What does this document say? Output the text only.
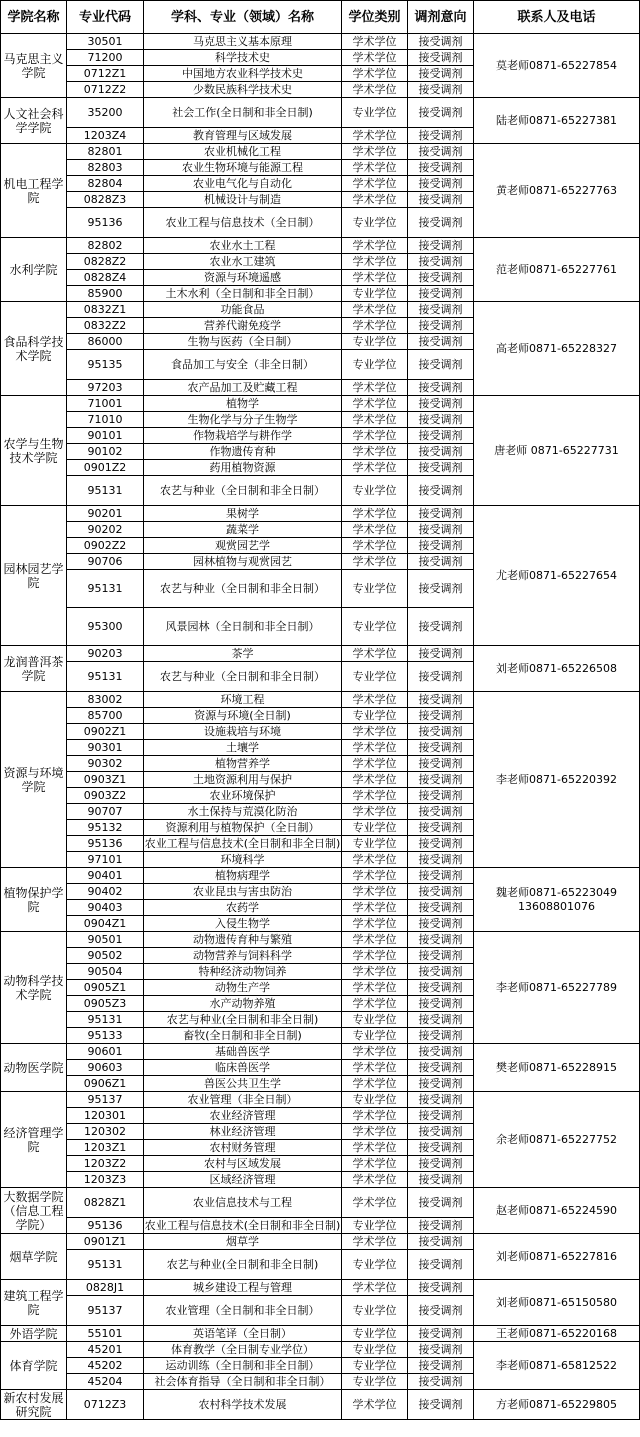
学院名称	专业代码	学科、专业（领域）名称	学位类别	调剂意向	联系人及电话
马克思主义学院	30501	马克思主义基本原理	学术学位	接受调剂	莫老师0871-65227854
	71200	科学技术史	学术学位	接受调剂	
	0712Z1	中国地方农业科学技术史	学术学位	接受调剂	
	0712Z2	少数民族科学技术史	学术学位	接受调剂	
人文社会科学学院	35200	社会工作(全日制和非全日制)	专业学位	接受调剂	陆老师0871-65227381
	1203Z4	教育管理与区域发展	学术学位	接受调剂	
机电工程学院	82801	农业机械化工程	学术学位	接受调剂	黄老师0871-65227763
	82803	农业生物环境与能源工程	学术学位	接受调剂	
	82804	农业电气化与自动化	学术学位	接受调剂	
	0828Z3	机械设计与制造	学术学位	接受调剂	
	95136	农业工程与信息技术（全日制）	专业学位	接受调剂	
水利学院	82802	农业水土工程	学术学位	接受调剂	范老师0871-65227761
	0828Z2	农业水工建筑	学术学位	接受调剂	
	0828Z4	资源与环境遥感	学术学位	接受调剂	
	85900	土木水利（全日制和非全日制）	专业学位	接受调剂	
食品科学技术学院	0832Z1	功能食品	学术学位	接受调剂	高老师0871-65228327
	0832Z2	营养代谢免疫学	学术学位	接受调剂	
	86000	生物与医药（全日制）	专业学位	接受调剂	
	95135	食品加工与安全（非全日制）	专业学位	接受调剂	
	97203	农产品加工及贮藏工程	学术学位	接受调剂	
农学与生物技术学院	71001	植物学	学术学位	接受调剂	唐老师 0871-65227731
	71010	生物化学与分子生物学	学术学位	接受调剂	
	90101	作物栽培学与耕作学	学术学位	接受调剂	
	90102	作物遗传育种	学术学位	接受调剂	
	0901Z2	药用植物资源	学术学位	接受调剂	
	95131	农艺与种业（全日制和非全日制）	专业学位	接受调剂	
园林园艺学院	90201	果树学	学术学位	接受调剂	尤老师0871-65227654
	90202	蔬菜学	学术学位	接受调剂	
	0902Z2	观赏园艺学	学术学位	接受调剂	
	90706	园林植物与观赏园艺	学术学位	接受调剂	
	95131	农艺与种业（全日制和非全日制）	专业学位	接受调剂	
	95300	风景园林（全日制和非全日制）	专业学位	接受调剂	
龙润普洱茶学院	90203	茶学	学术学位	接受调剂	刘老师0871-65226508
	95131	农艺与种业（全日制和非全日制）	专业学位	接受调剂	
资源与环境学院	83002	环境工程	学术学位	接受调剂	李老师0871-65220392
	85700	资源与环境(全日制)	专业学位	接受调剂	
	0902Z1	设施栽培与环境	学术学位	接受调剂	
	90301	土壤学	学术学位	接受调剂	
	90302	植物营养学	学术学位	接受调剂	
	0903Z1	土地资源利用与保护	学术学位	接受调剂	
	0903Z2	农业环境保护	学术学位	接受调剂	
	90707	水土保持与荒漠化防治	学术学位	接受调剂	
	95132	资源利用与植物保护（全日制）	专业学位	接受调剂	
	95136	农业工程与信息技术(全日制和非全日制)	专业学位	接受调剂	
	97101	环境科学	学术学位	接受调剂	
植物保护学院	90401	植物病理学	学术学位	接受调剂	魏老师0871-65223049 13608801076
	90402	农业昆虫与害虫防治	学术学位	接受调剂	
	90403	农药学	学术学位	接受调剂	
	0904Z1	入侵生物学	学术学位	接受调剂	
动物科学技术学院	90501	动物遗传育种与繁殖	学术学位	接受调剂	李老师0871-65227789
	90502	动物营养与饲料科学	学术学位	接受调剂	
	90504	特种经济动物饲养	学术学位	接受调剂	
	0905Z1	动物生产学	学术学位	接受调剂	
	0905Z3	水产动物养殖	学术学位	接受调剂	
	95131	农艺与种业(全日制和非全日制)	专业学位	接受调剂	
	95133	畜牧(全日制和非全日制)	专业学位	接受调剂	
动物医学院	90601	基础兽医学	学术学位	接受调剂	樊老师0871-65228915
	90603	临床兽医学	学术学位	接受调剂	
	0906Z1	兽医公共卫生学	学术学位	接受调剂	
经济管理学院	95137	农业管理（非全日制）	专业学位	接受调剂	余老师0871-65227752
	120301	农业经济管理	学术学位	接受调剂	
	120302	林业经济管理	学术学位	接受调剂	
	1203Z1	农村财务管理	学术学位	接受调剂	
	1203Z2	农村与区域发展	学术学位	接受调剂	
	1203Z3	区域经济管理	学术学位	接受调剂	
大数据学院（信息工程学院）	0828Z1	农业信息技术与工程	学术学位	接受调剂	赵老师0871-65224590
	95136	农业工程与信息技术(全日制和非全日制)	专业学位	接受调剂	
烟草学院	0901Z1	烟草学	学术学位	接受调剂	刘老师0871-65227816
	95131	农艺与种业(全日制和非全日制)	专业学位	接受调剂	
建筑工程学院	0828J1	城乡建设工程与管理	学术学位	接受调剂	刘老师0871-65150580
	95137	农业管理（全日制和非全日制）	专业学位	接受调剂	
外语学院	55101	英语笔译（全日制）	专业学位	接受调剂	王老师0871-65220168
体育学院	45201	体育教学（全日制专业学位）	专业学位	接受调剂	李老师0871-65812522
	45202	运动训练（全日制和非全日制）	专业学位	接受调剂	
	45204	社会体育指导（全日制和非全日制）	专业学位	接受调剂	
新农村发展研究院	0712Z3	农村科学技术发展	学术学位	接受调剂	方老师0871-65229805
